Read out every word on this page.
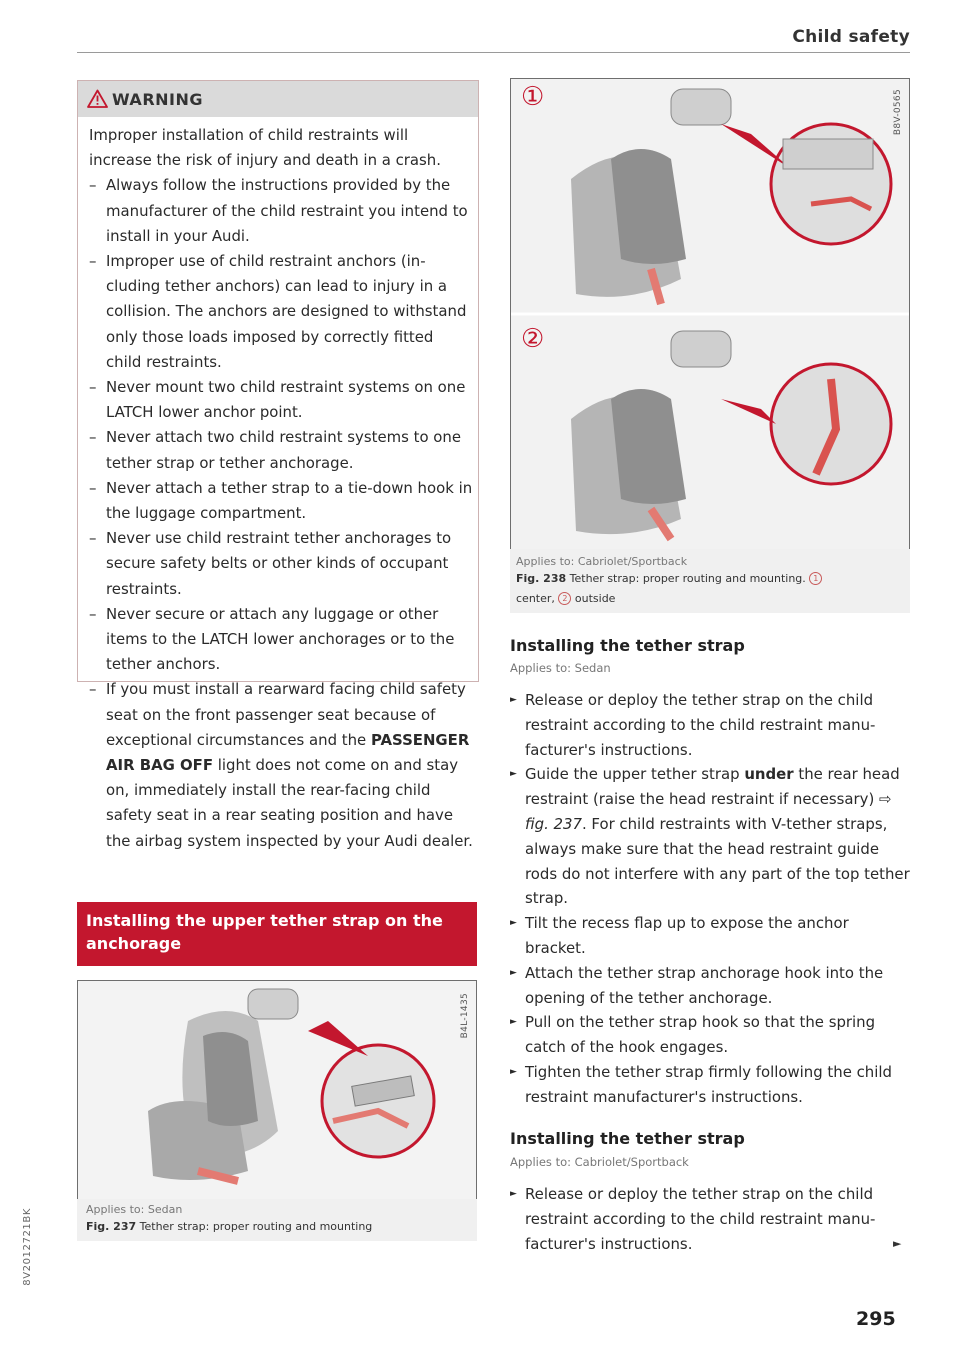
Child safety
WARNING

Improper installation of child restraints will increase the risk of injury and death in a crash.

– Always follow the instructions provided by the manufacturer of the child restraint you intend to install in your Audi.
– Improper use of child restraint anchors (including tether anchors) can lead to injury in a collision. The anchors are designed to withstand only those loads imposed by correctly fitted child restraints.
– Never mount two child restraint systems on one LATCH lower anchor point.
– Never attach two child restraint systems to one tether strap or tether anchorage.
– Never attach a tether strap to a tie-down hook in the luggage compartment.
– Never use child restraint tether anchorages to secure safety belts or other kinds of occupant restraints.
– Never secure or attach any luggage or other items to the LATCH lower anchorages or to the tether anchors.
– If you must install a rearward facing child safety seat on the front passenger seat because of exceptional circumstances and the PASSENGER AIR BAG OFF light does not come on and stay on, immediately install the rear-facing child safety seat in a rear seating position and have the airbag system inspected by your Audi dealer.
Installing the upper tether strap on the anchorage
B4L-1435
Applies to: Sedan
Fig. 237 Tether strap: proper routing and mounting
①
②
B8V-0565
Applies to: Cabriolet/Sportback
Fig. 238 Tether strap: proper routing and mounting. 1
center, 2 outside
Installing the tether strap
Applies to: Sedan
► Release or deploy the tether strap on the child restraint according to the child restraint manufacturer's instructions.
► Guide the upper tether strap under the rear head restraint (raise the head restraint if necessary) ⇨ fig. 237. For child restraints with V-tether straps, always make sure that the head restraint guide rods do not interfere with any part of the top tether strap.
► Tilt the recess flap up to expose the anchor bracket.
► Attach the tether strap anchorage hook into the opening of the tether anchorage.
► Pull on the tether strap hook so that the spring catch of the hook engages.
► Tighten the tether strap firmly following the child restraint manufacturer's instructions.
Installing the tether strap
Applies to: Cabriolet/Sportback
► Release or deploy the tether strap on the child restraint according to the child restraint manufacturer's instructions.	►
295
8V2012721BK
